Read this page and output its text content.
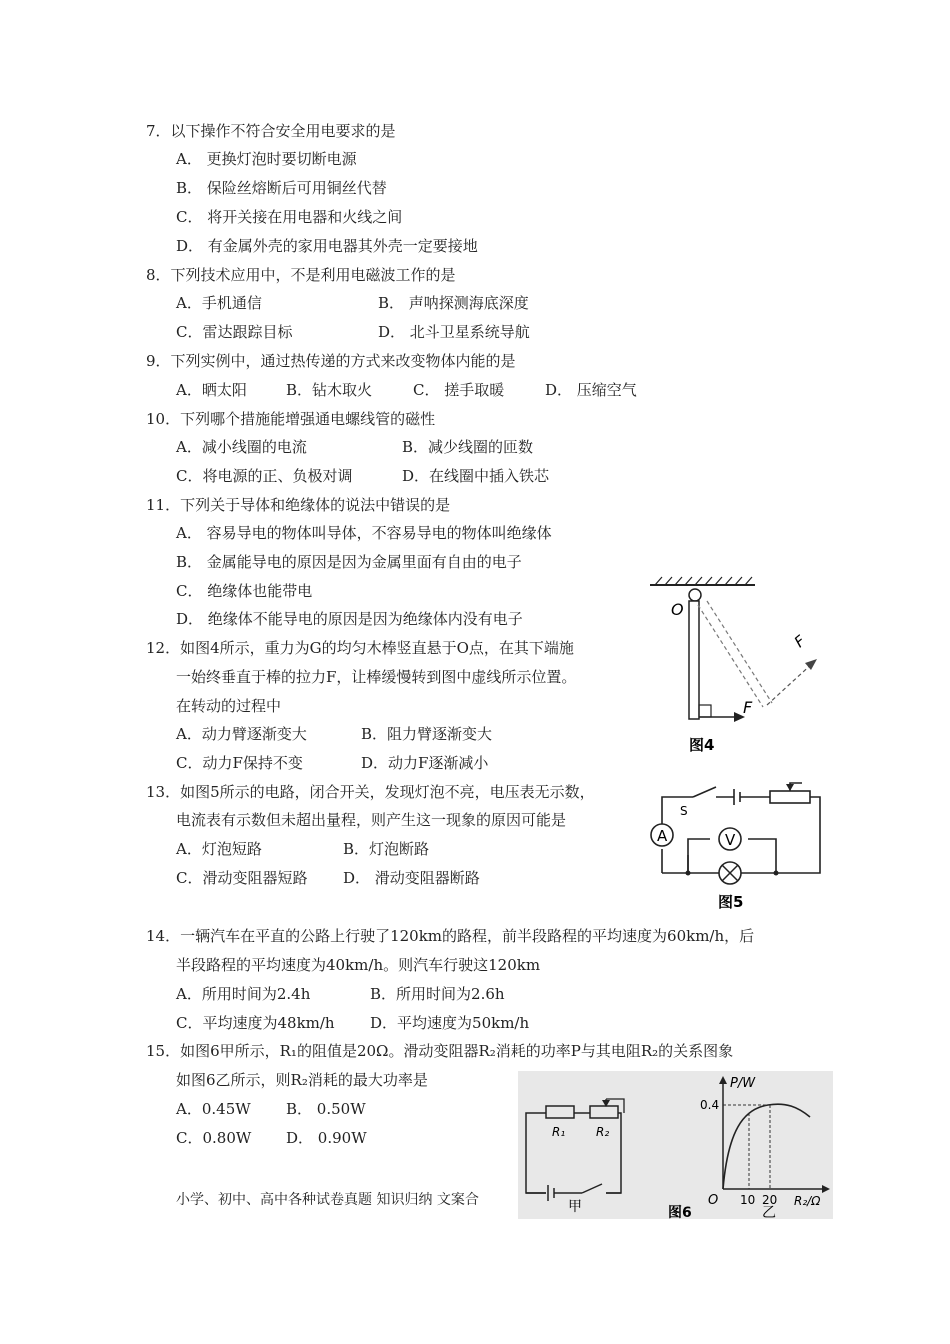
7．以下操作不符合安全用电要求的是
A． 更换灯泡时要切断电源
B． 保险丝熔断后可用铜丝代替
C． 将开关接在用电器和火线之间
D． 有金属外壳的家用电器其外壳一定要接地
8．下列技术应用中，不是利用电磁波工作的是
A．手机通信	B． 声呐探测海底深度
C．雷达跟踪目标	D． 北斗卫星系统导航
9．下列实例中，通过热传递的方式来改变物体内能的是
A．晒太阳	B．钻木取火	C． 搓手取暖	D． 压缩空气
10．下列哪个措施能增强通电螺线管的磁性
A．减小线圈的电流	B．减少线圈的匝数
C．将电源的正、负极对调	D．在线圈中插入铁芯
11．下列关于导体和绝缘体的说法中错误的是
A． 容易导电的物体叫导体，不容易导电的物体叫绝缘体
B． 金属能导电的原因是因为金属里面有自由的电子
C． 绝缘体也能带电
D． 绝缘体不能导电的原因是因为绝缘体内没有电子
12．如图4所示，重力为G的均匀木棒竖直悬于O点，在其下端施
一始终垂直于棒的拉力F，让棒缓慢转到图中虚线所示位置。
在转动的过程中
A．动力臂逐渐变大	B．阻力臂逐渐变大
C．动力F保持不变	D．动力F逐渐减小
13．如图5所示的电路，闭合开关，发现灯泡不亮，电压表无示数，
电流表有示数但未超出量程，则产生这一现象的原因可能是
A．灯泡短路	B．灯泡断路
C．滑动变阻器短路 D． 滑动变阻器断路
14．一辆汽车在平直的公路上行驶了120km的路程，前半段路程的平均速度为60km/h，后
半段路程的平均速度为40km/h。则汽车行驶这120km
A．所用时间为2.4h	B．所用时间为2.6h
C．平均速度为48km/h D．平均速度为50km/h
15．如图6甲所示，R₁的阻值是20Ω。滑动变阻器R₂消耗的功率P与其电阻R₂的关系图象
如图6乙所示，则R₂消耗的最大功率是
A．0.45W B． 0.50W
C．0.80W D． 0.90W
小学、初中、高中各种试卷真题 知识归纳 文案合
O
F
F
图4
A	V
S
图5
R₁	R₂
甲
P/W
0.4
O 10 20 R₂/Ω
乙
图6
